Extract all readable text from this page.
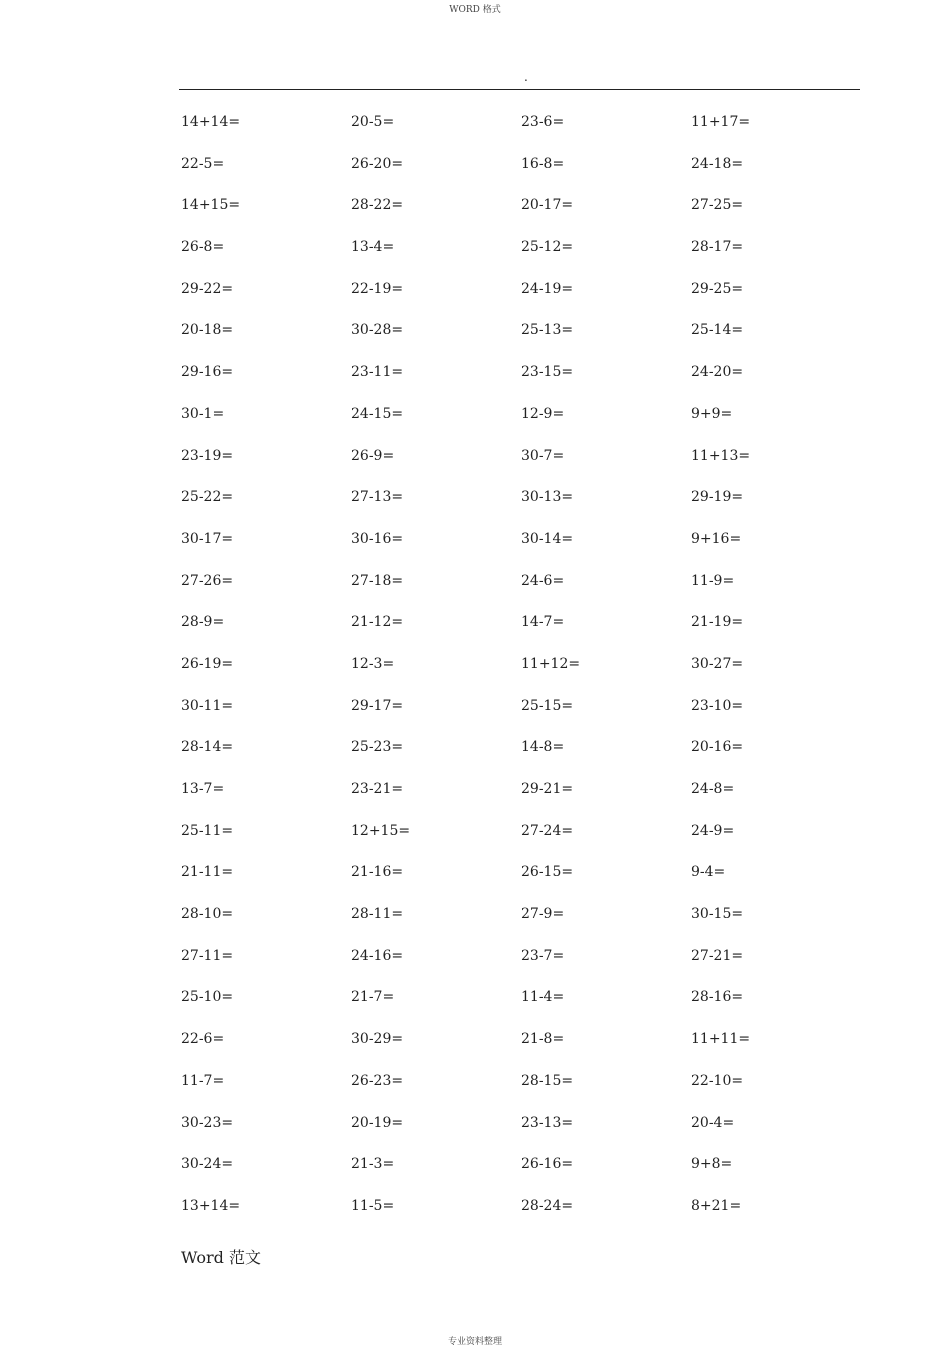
WORD 格式
.
14+14=	20-5=	23-6=	11+17=
22-5=	26-20=	16-8=	24-18=
14+15=	28-22=	20-17=	27-25=
26-8=	13-4=	25-12=	28-17=
29-22=	22-19=	24-19=	29-25=
20-18=	30-28=	25-13=	25-14=
29-16=	23-11=	23-15=	24-20=
30-1=	24-15=	12-9=	9+9=
23-19=	26-9=	30-7=	11+13=
25-22=	27-13=	30-13=	29-19=
30-17=	30-16=	30-14=	9+16=
27-26=	27-18=	24-6=	11-9=
28-9=	21-12=	14-7=	21-19=
26-19=	12-3=	11+12=	30-27=
30-11=	29-17=	25-15=	23-10=
28-14=	25-23=	14-8=	20-16=
13-7=	23-21=	29-21=	24-8=
25-11=	12+15=	27-24=	24-9=
21-11=	21-16=	26-15=	9-4=
28-10=	28-11=	27-9=	30-15=
27-11=	24-16=	23-7=	27-21=
25-10=	21-7=	11-4=	28-16=
22-6=	30-29=	21-8=	11+11=
11-7=	26-23=	28-15=	22-10=
30-23=	20-19=	23-13=	20-4=
30-24=	21-3=	26-16=	9+8=
13+14=	11-5=	28-24=	8+21=
Word 范文
专业资料整理
